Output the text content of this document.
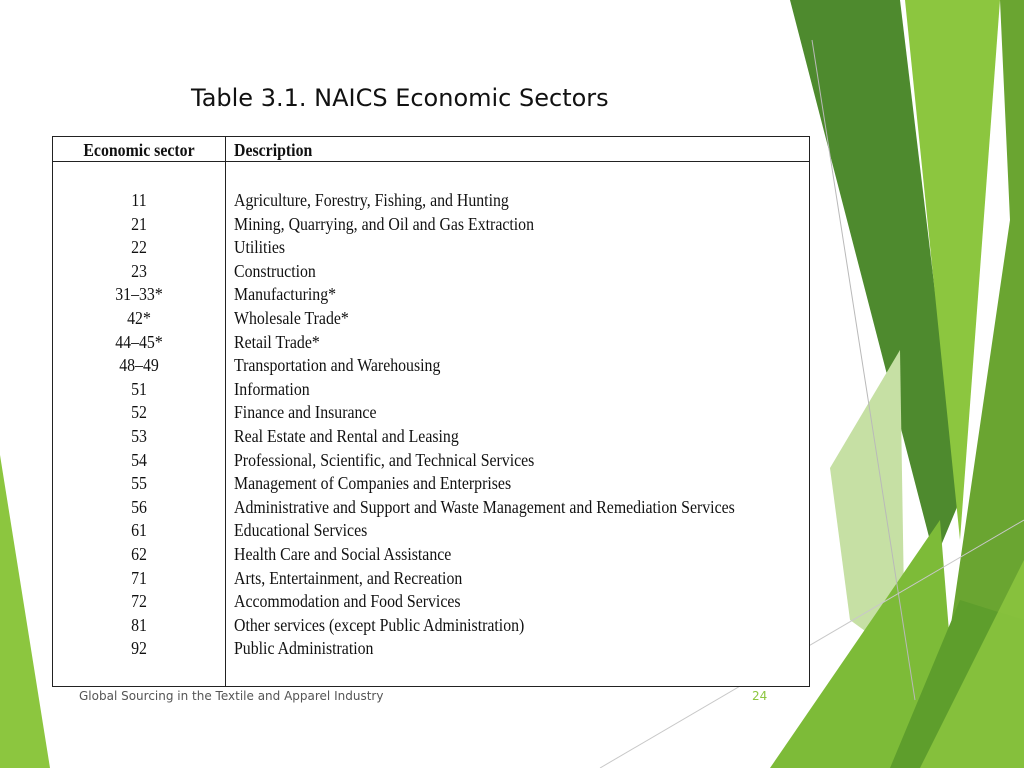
Table 3.1. NAICS Economic Sectors
Economic sector	Description
11	Agriculture, Forestry, Fishing, and Hunting
21	Mining, Quarrying, and Oil and Gas Extraction
22	Utilities
23	Construction
31–33*	Manufacturing*
42*	Wholesale Trade*
44–45*	Retail Trade*
48–49	Transportation and Warehousing
51	Information
52	Finance and Insurance
53	Real Estate and Rental and Leasing
54	Professional, Scientific, and Technical Services
55	Management of Companies and Enterprises
56	Administrative and Support and Waste Management and Remediation Services
61	Educational Services
62	Health Care and Social Assistance
71	Arts, Entertainment, and Recreation
72	Accommodation and Food Services
81	Other services (except Public Administration)
92	Public Administration
Global Sourcing in the Textile and Apparel Industry	24
